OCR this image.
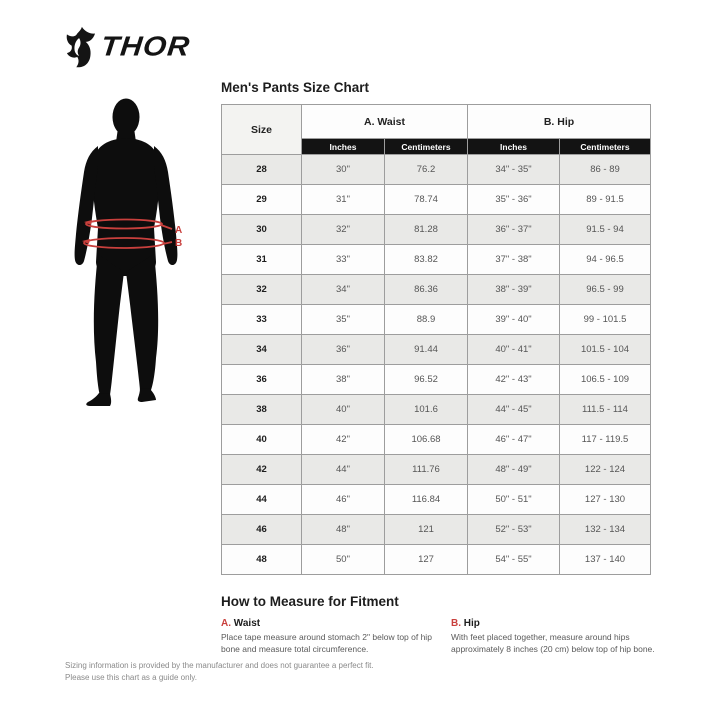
THOR
A
B
Men's Pants Size Chart
Size	A. Waist		B. Hip	
	Inches	Centimeters	Inches	Centimeters
28	30"	76.2	34" - 35"	86 - 89
29	31"	78.74	35" - 36"	89 - 91.5
30	32"	81.28	36" - 37"	91.5 - 94
31	33"	83.82	37" - 38"	94 - 96.5
32	34"	86.36	38" - 39"	96.5 - 99
33	35"	88.9	39" - 40"	99 - 101.5
34	36"	91.44	40" - 41"	101.5 - 104
36	38"	96.52	42" - 43"	106.5 - 109
38	40"	101.6	44" - 45"	111.5 - 114
40	42"	106.68	46" - 47"	117 - 119.5
42	44"	111.76	48" - 49"	122 - 124
44	46"	116.84	50" - 51"	127 - 130
46	48"	121	52" - 53"	132 - 134
48	50"	127	54" - 55"	137 - 140
How to Measure for Fitment
A. Waist
Place tape measure around stomach 2" below top of hip bone and measure total circumference.
B. Hip
With feet placed together, measure around hips approximately 8 inches (20 cm) below top of hip bone.
Sizing information is provided by the manufacturer and does not guarantee a perfect fit.
Please use this chart as a guide only.
